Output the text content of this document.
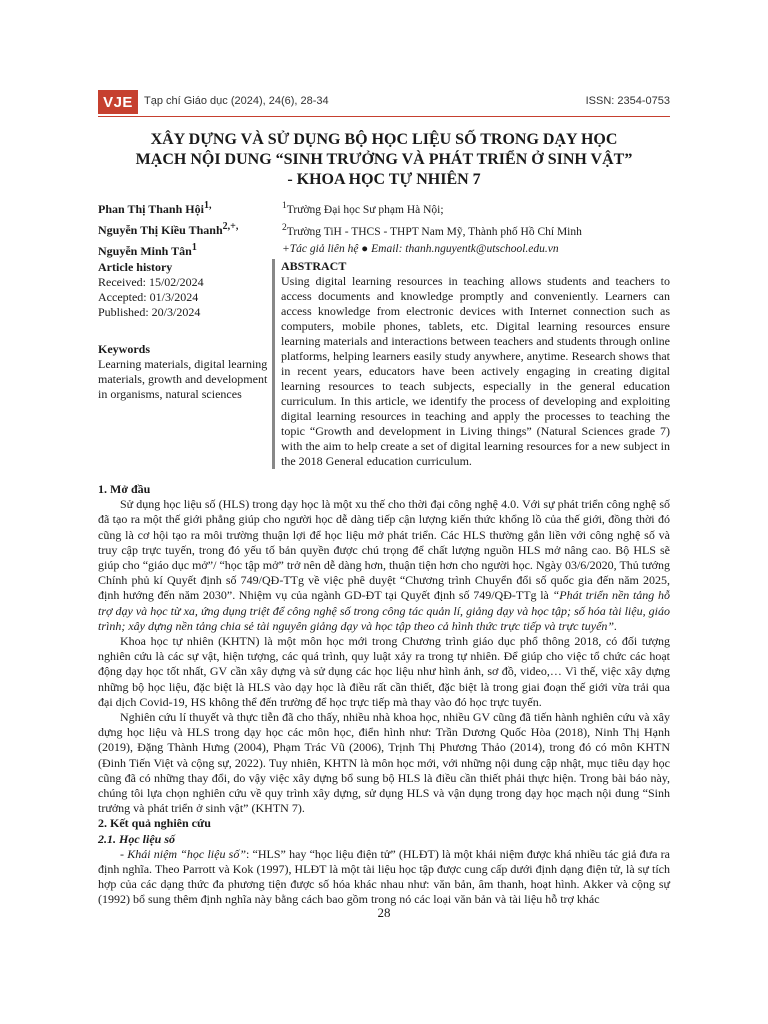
VJE	Tạp chí Giáo dục (2024), 24(6), 28-34	ISSN: 2354-0753
XÂY DỰNG VÀ SỬ DỤNG BỘ HỌC LIỆU SỐ TRONG DẠY HỌC
MẠCH NỘI DUNG “SINH TRƯỞNG VÀ PHÁT TRIỂN Ở SINH VẬT”
- KHOA HỌC TỰ NHIÊN 7
Phan Thị Thanh Hội$^{1,}$
Nguyễn Thị Kiều Thanh$^{2,+,}$
Nguyễn Minh Tân$^1$
$^1$Trường Đại học Sư phạm Hà Nội;
$^2$Trường TiH - THCS - THPT Nam Mỹ, Thành phố Hồ Chí Minh
+Tác giả liên hệ ● Email: thanh.nguyentk@utschool.edu.vn
Article history
Received: 15/02/2024
Accepted: 01/3/2024
Published: 20/3/2024
Keywords
Learning materials, digital learning materials, growth and development in organisms, natural sciences
ABSTRACT
Using digital learning resources in teaching allows students and teachers to access documents and knowledge promptly and conveniently. Learners can access knowledge from electronic devices with Internet connection such as computers, mobile phones, tablets, etc. Digital learning resources ensure learning materials and interactions between teachers and students through online platforms, helping learners easily study anywhere, anytime. Research shows that in recent years, educators have been actively engaging in creating digital learning resources to teach subjects, especially in the general education curriculum. In this article, we identify the process of developing and exploiting digital learning resources in teaching and apply the processes to teaching the topic “Growth and development in Living things” (Natural Sciences grade 7) with the aim to help create a set of digital learning resources for a new subject in the 2018 General education curriculum.

1. Mở đầu

Sử dụng học liệu số (HLS) trong dạy học là một xu thế cho thời đại công nghệ 4.0. Với sự phát triển công nghệ số đã tạo ra một thế giới phẳng giúp cho người học dễ dàng tiếp cận lượng kiến thức khổng lồ của thế giới, đồng thời đó cũng là cơ hội tạo ra môi trường thuận lợi để học liệu mở phát triển. Các HLS thường gắn liền với công nghệ số và truy cập trực tuyến, trong đó yếu tố bản quyền được chú trọng để chất lượng nguồn HLS mở nâng cao. Bộ HLS sẽ giúp cho “giáo dục mở”/ “học tập mở” trở nên dễ dàng hơn, thuận tiện hơn cho người học. Ngày 03/6/2020, Thủ tướng Chính phủ kí Quyết định số 749/QĐ-TTg về việc phê duyệt “Chương trình Chuyển đổi số quốc gia đến năm 2025, định hướng đến năm 2030”. Nhiệm vụ của ngành GD-ĐT tại Quyết định số 749/QĐ-TTg là “Phát triển nền tảng hỗ trợ dạy và học từ xa, ứng dụng triệt để công nghệ số trong công tác quản lí, giảng dạy và học tập; số hóa tài liệu, giáo trình; xây dựng nền tảng chia sẻ tài nguyên giảng dạy và học tập theo cả hình thức trực tiếp và trực tuyến”.

Khoa học tự nhiên (KHTN) là một môn học mới trong Chương trình giáo dục phổ thông 2018, có đối tượng nghiên cứu là các sự vật, hiện tượng, các quá trình, quy luật xảy ra trong tự nhiên. Để giúp cho việc tổ chức các hoạt động dạy học tốt nhất, GV cần xây dựng và sử dụng các học liệu như hình ảnh, sơ đồ, video,… Vì thế, việc xây dựng những bộ học liệu, đặc biệt là HLS vào dạy học là điều rất cần thiết, đặc biệt là trong giai đoạn thế giới vừa trải qua đại dịch Covid-19, HS không thể đến trường để học trực tiếp mà thay vào đó học trực tuyến.

Nghiên cứu lí thuyết và thực tiễn đã cho thấy, nhiều nhà khoa học, nhiều GV cũng đã tiến hành nghiên cứu và xây dựng học liệu và HLS trong dạy học các môn học, điển hình như: Trần Dương Quốc Hòa (2018), Ninh Thị Hạnh (2019), Đặng Thành Hưng (2004), Phạm Trác Vũ (2006), Trịnh Thị Phương Thảo (2014), trong đó có môn KHTN (Đinh Tiến Việt và cộng sự, 2022). Tuy nhiên, KHTN là môn học mới, với những nội dung cập nhật, mục tiêu dạy học cũng đã có những thay đổi, do vậy việc xây dựng bổ sung bộ HLS là điều cần thiết phải thực hiện. Trong bài báo này, chúng tôi lựa chọn nghiên cứu về quy trình xây dựng, sử dụng HLS và vận dụng trong dạy học mạch nội dung “Sinh trưởng và phát triển ở sinh vật” (KHTN 7).

2. Kết quả nghiên cứu

2.1. Học liệu số

- Khái niệm “học liệu số”: “HLS” hay “học liệu điện tử” (HLĐT) là một khái niệm được khá nhiều tác giả đưa ra định nghĩa. Theo Parrott và Kok (1997), HLĐT là một tài liệu học tập được cung cấp dưới định dạng điện tử, là sự tích hợp của các dạng thức đa phương tiện được số hóa khác nhau như: văn bản, âm thanh, hoạt hình. Akker và cộng sự (1992) bổ sung thêm định nghĩa này bằng cách bao gồm trong nó các loại văn bản và tài liệu hỗ trợ khác

28
